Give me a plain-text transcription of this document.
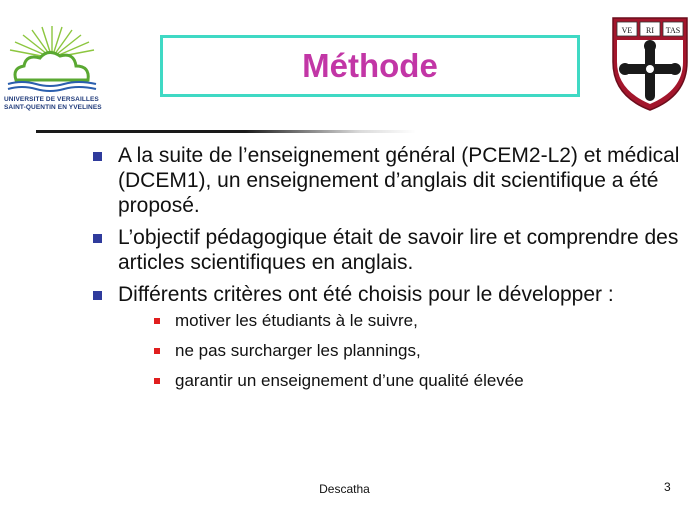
UNIVERSITE DE VERSAILLES
SAINT-QUENTIN EN YVELINES
Méthode
VE RI TAS
A la suite de l’enseignement général (PCEM2-L2) et médical (DCEM1), un enseignement d’anglais dit scientifique a été proposé.
L’objectif pédagogique était de savoir lire et comprendre des articles scientifiques en anglais.
Différents critères ont été choisis pour le développer :
motiver les étudiants à le suivre,
ne pas surcharger les plannings,
garantir un enseignement d’une qualité élevée
Descatha	3
